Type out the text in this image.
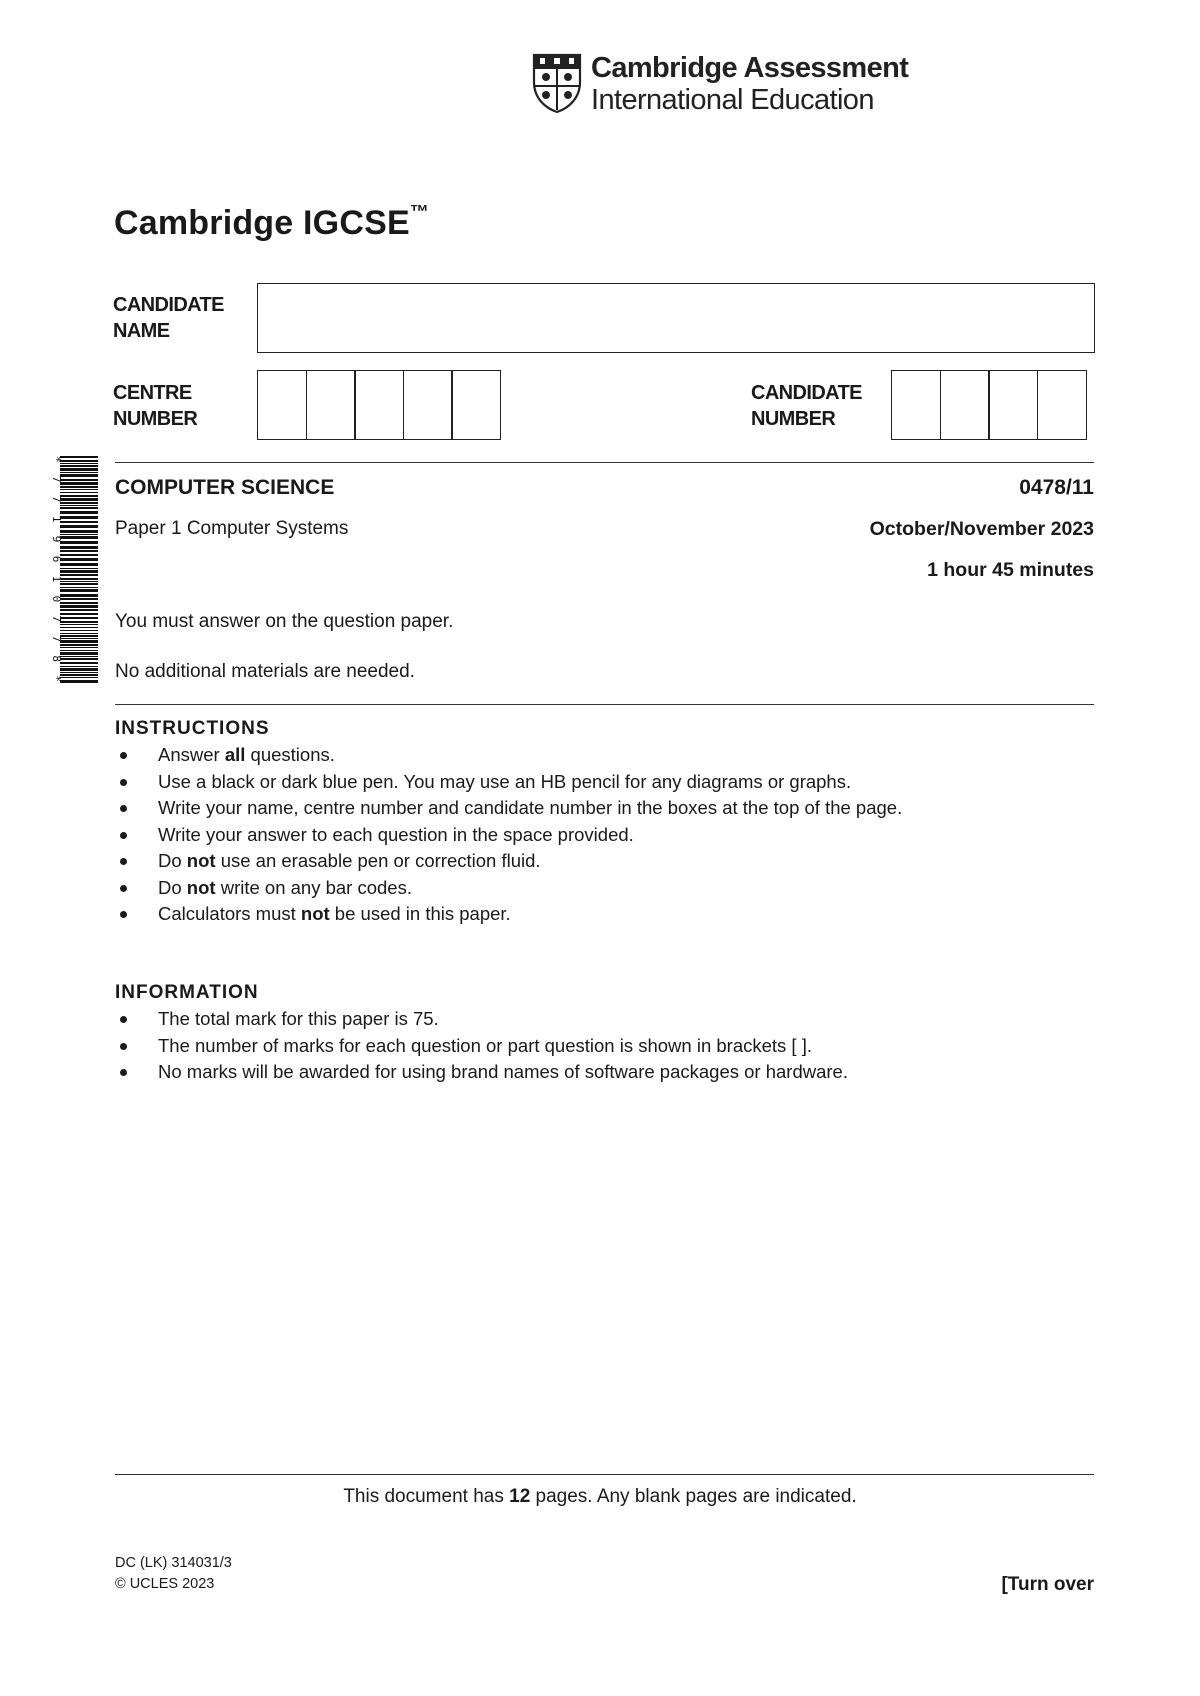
Cambridge Assessment
International Education
Cambridge IGCSE™
CANDIDATE
NAME
CENTRE
NUMBER
CANDIDATE
NUMBER
* 7 7 1 9 6 1 0 7 7 8 *
COMPUTER SCIENCE	0478/11
Paper 1 Computer Systems	October/November 2023
1 hour 45 minutes
You must answer on the question paper.
No additional materials are needed.
INSTRUCTIONS
Answer all questions.
Use a black or dark blue pen. You may use an HB pencil for any diagrams or graphs.
Write your name, centre number and candidate number in the boxes at the top of the page.
Write your answer to each question in the space provided.
Do not use an erasable pen or correction fluid.
Do not write on any bar codes.
Calculators must not be used in this paper.
INFORMATION
The total mark for this paper is 75.
The number of marks for each question or part question is shown in brackets [ ].
No marks will be awarded for using brand names of software packages or hardware.
This document has 12 pages. Any blank pages are indicated.
DC (LK) 314031/3
© UCLES 2023	[Turn over
